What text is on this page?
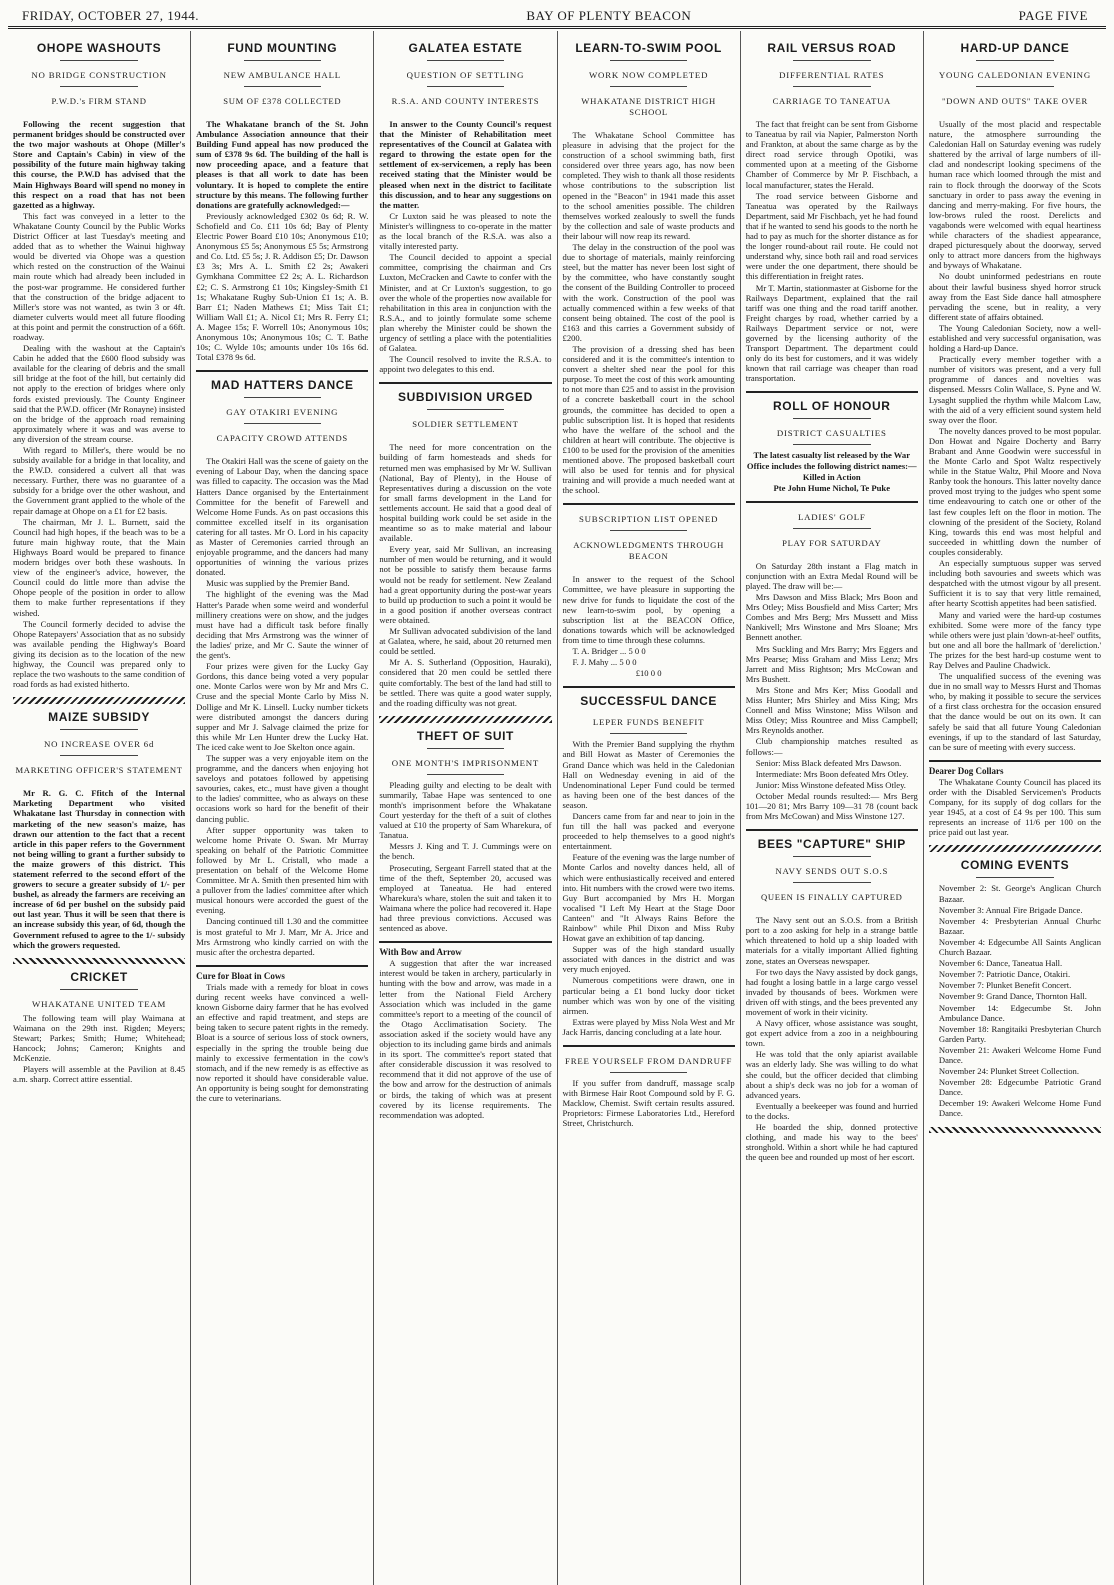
FRIDAY, OCTOBER 27, 1944.	BAY OF PLENTY BEACON	PAGE FIVE
OHOPE WASHOUTS
NO BRIDGE CONSTRUCTION
P.W.D.'s FIRM STAND

Following the recent suggestion that permanent bridges should be constructed over the two major washouts at Ohope (Miller's Store and Captain's Cabin) in view of the possibility of the future main highway taking this course, the P.W.D has advised that the Main Highways Board will spend no money in this respect on a road that has not been gazetted as a highway.

This fact was conveyed in a letter to the Whakatane County Council by the Public Works District Officer at last Tuesday's meeting and added that as to whether the Wainui highway would be diverted via Ohope was a question which rested on the construction of the Wainui main route which had already been included in the post-war programme. He considered further that the construction of the bridge adjacent to Miller's store was not wanted, as twin 3 or 4ft. diameter culverts would meet all future flooding at this point and permit the construction of a 66ft. roadway.

Dealing with the washout at the Captain's Cabin he added that the £600 flood subsidy was available for the clearing of debris and the small sill bridge at the foot of the hill, but certainly did not apply to the erection of bridges where only fords existed previously. The County Engineer said that the P.W.D. officer (Mr Ronayne) insisted on the bridge of the approach road remaining approximately where it was and was averse to any diversion of the stream course.

With regard to Miller's, there would be no subsidy available for a bridge in that locality, and the P.W.D. considered a culvert all that was necessary. Further, there was no guarantee of a subsidy for a bridge over the other washout, and the Government grant applied to the whole of the repair damage at Ohope on a £1 for £2 basis.

The chairman, Mr J. L. Burnett, said the Council had high hopes, if the beach was to be a future main highway route, that the Main Highways Board would be prepared to finance modern bridges over both these washouts. In view of the engineer's advice, however, the Council could do little more than advise the Ohope people of the position in order to allow them to make further representations if they wished.

The Council formerly decided to advise the Ohope Ratepayers' Association that as no subsidy was available pending the Highway's Board giving its decision as to the location of the new highway, the Council was prepared only to replace the two washouts to the same condition of road fords as had existed hitherto.

MAIZE SUBSIDY
NO INCREASE OVER 6d
MARKETING OFFICER'S STATEMENT

Mr R. G. C. Ffitch of the Internal Marketing Department who visited Whakatane last Thursday in connection with marketing of the new season's maize, has drawn our attention to the fact that a recent article in this paper refers to the Government not being willing to grant a further subsidy to the maize growers of this district. This statement referred to the second effort of the growers to secure a greater subsidy of 1/- per bushel, as already the farmers are receiving an increase of 6d per bushel on the subsidy paid out last year. Thus it will be seen that there is an increase subsidy this year, of 6d, though the Government refused to agree to the 1/- subsidy which the growers requested.

CRICKET
WHAKATANE UNITED TEAM

The following team will play Waimana at Waimana on the 29th inst. Rigden; Meyers; Stewart; Parkes; Smith; Hume; Whitehead; Hancock; Johns; Cameron; Knights and McKenzie.

Players will assemble at the Pavilion at 8.45 a.m. sharp. Correct attire essential.

FUND MOUNTING
NEW AMBULANCE HALL
SUM OF £378 COLLECTED

The Whakatane branch of the St. John Ambulance Association announce that their Building Fund appeal has now produced the sum of £378 9s 6d. The building of the hall is now proceeding apace, and a feature that pleases is that all work to date has been voluntary. It is hoped to complete the entire structure by this means. The following further donations are gratefully acknowledged:—

Previously acknowledged £302 0s 6d; R. W. Schofield and Co. £11 10s 6d; Bay of Plenty Electric Power Board £10 10s; Anonymous £10; Anonymous £5 5s; Anonymous £5 5s; Armstrong and Co. Ltd. £5 5s; J. R. Addison £5; Dr. Dawson £3 3s; Mrs A. L. Smith £2 2s; Awakeri Gymkhana Committee £2 2s; A. L. Richardson £2; C. S. Armstrong £1 10s; Kingsley-Smith £1 1s; Whakatane Rugby Sub-Union £1 1s; A. B. Barr £1; Naden Mathews £1; Miss Tait £1; William Wall £1; A. Nicol £1; Mrs R. Ferry £1; A. Magee 15s; F. Worrell 10s; Anonymous 10s; Anonymous 10s; Anonymous 10s; C. T. Bathe 10s; C. Wylde 10s; amounts under 10s 16s 6d. Total £378 9s 6d.

MAD HATTERS DANCE
GAY OTAKIRI EVENING
CAPACITY CROWD ATTENDS

The Otakiri Hall was the scene of gaiety on the evening of Labour Day, when the dancing space was filled to capacity. The occasion was the Mad Hatters Dance organised by the Entertainment Committee for the benefit of Farewell and Welcome Home Funds. As on past occasions this committee excelled itself in its organisation catering for all tastes. Mr O. Lord in his capacity as Master of Ceremonies carried through an enjoyable programme, and the dancers had many opportunities of winning the various prizes donated.

Music was supplied by the Premier Band.

The highlight of the evening was the Mad Hatter's Parade when some weird and wonderful millinery creations were on show, and the judges must have had a difficult task before finally deciding that Mrs Armstrong was the winner of the ladies' prize, and Mr C. Saute the winner of the gent's.

Four prizes were given for the Lucky Gay Gordons, this dance being voted a very popular one. Monte Carlos were won by Mr and Mrs C. Cruse and the special Monte Carlo by Miss N. Dollige and Mr K. Linsell. Lucky number tickets were distributed amongst the dancers during supper and Mr J. Salvage claimed the prize for this while Mr Len Hunter drew the Lucky Hat. The iced cake went to Joe Skelton once again.

The supper was a very enjoyable item on the programme, and the dancers when enjoying hot saveloys and potatoes followed by appetising savouries, cakes, etc., must have given a thought to the ladies' committee, who as always on these occasions work so hard for the benefit of their dancing public.

After supper opportunity was taken to welcome home Private O. Swan. Mr Murray speaking on behalf of the Patriotic Committee followed by Mr L. Cristall, who made a presentation on behalf of the Welcome Home Committee. Mr A. Smith then presented him with a pullover from the ladies' committee after which musical honours were accorded the guest of the evening.

Dancing continued till 1.30 and the committee is most grateful to Mr J. Marr, Mr A. Jrice and Mrs Armstrong who kindly carried on with the music after the orchestra departed.

Cure for Bloat in Cows

Trials made with a remedy for bloat in cows during recent weeks have convinced a well-known Gisborne dairy farmer that he has evolved an effective and rapid treatment, and steps are being taken to secure patent rights in the remedy. Bloat is a source of serious loss of stock owners, especially in the spring the trouble being due mainly to excessive fermentation in the cow's stomach, and if the new remedy is as effective as now reported it should have considerable value. An opportunity is being sought for demonstrating the cure to veterinarians.

GALATEA ESTATE
QUESTION OF SETTLING
R.S.A. AND COUNTY INTERESTS

In answer to the County Council's request that the Minister of Rehabilitation meet representatives of the Council at Galatea with regard to throwing the estate open for the settlement of ex-servicemen, a reply has been received stating that the Minister would be pleased when next in the district to facilitate this discussion, and to hear any suggestions on the matter.

Cr Luxton said he was pleased to note the Minister's willingness to co-operate in the matter as the local branch of the R.S.A. was also a vitally interested party.

The Council decided to appoint a special committee, comprising the chairman and Crs Luxton, McCracken and Cawte to confer with the Minister, and at Cr Luxton's suggestion, to go over the whole of the properties now available for rehabilitation in this area in conjunction with the R.S.A., and to jointly formulate some scheme plan whereby the Minister could be shown the urgency of settling a place with the potentialities of Galatea.

The Council resolved to invite the R.S.A. to appoint two delegates to this end.

SUBDIVISION URGED
SOLDIER SETTLEMENT

The need for more concentration on the building of farm homesteads and sheds for returned men was emphasised by Mr W. Sullivan (National, Bay of Plenty), in the House of Representatives during a discussion on the vote for small farms development in the Land for settlements account. He said that a good deal of hospital building work could be set aside in the meantime so as to make material and labour available.

Every year, said Mr Sullivan, an increasing number of men would be returning, and it would not be possible to satisfy them because farms would not be ready for settlement. New Zealand had a great opportunity during the post-war years to build up production to such a point it would be in a good position if another overseas contract were obtained.

Mr Sullivan advocated subdivision of the land at Galatea, where, he said, about 20 returned men could be settled.

Mr A. S. Sutherland (Opposition, Hauraki), considered that 20 men could be settled there quite comfortably. The best of the land had still to be settled. There was quite a good water supply, and the roading difficulty was not great.

THEFT OF SUIT
ONE MONTH'S IMPRISONMENT

Pleading guilty and electing to be dealt with summarily, Tabae Hape was sentenced to one month's imprisonment before the Whakatane Court yesterday for the theft of a suit of clothes valued at £10 the property of Sam Wharekura, of Tanatua.

Messrs J. King and T. J. Cummings were on the bench.

Prosecuting, Sergeant Farrell stated that at the time of the theft, September 20, accused was employed at Taneatua. He had entered Wharekura's whare, stolen the suit and taken it to Waimana where the police had recovered it. Hape had three previous convictions. Accused was sentenced as above.

With Bow and Arrow

A suggestion that after the war increased interest would be taken in archery, particularly in hunting with the bow and arrow, was made in a letter from the National Field Archery Association which was included in the game committee's report to a meeting of the council of the Otago Acclimatisation Society. The association asked if the society would have any objection to its including game birds and animals in its sport. The committee's report stated that after considerable discussion it was resolved to recommend that it did not approve of the use of the bow and arrow for the destruction of animals or birds, the taking of which was at present covered by its license requirements. The recommendation was adopted.

LEARN-TO-SWIM POOL
WORK NOW COMPLETED
WHAKATANE DISTRICT HIGH SCHOOL

The Whakatane School Committee has pleasure in advising that the project for the construction of a school swimming bath, first considered over three years ago, has now been completed. They wish to thank all those residents whose contributions to the subscription list opened in the "Beacon" in 1941 made this asset to the school amenities possible. The children themselves worked zealously to swell the funds by the collection and sale of waste products and their labour will now reap its reward.

The delay in the construction of the pool was due to shortage of materials, mainly reinforcing steel, but the matter has never been lost sight of by the committee, who have constantly sought the consent of the Building Controller to proceed with the work. Construction of the pool was actually commenced within a few weeks of that consent being obtained. The cost of the pool is £163 and this carries a Government subsidy of £200.

The provision of a dressing shed has been considered and it is the committee's intention to convert a shelter shed near the pool for this purpose. To meet the cost of this work amounting to not more than £25 and to assist in the provision of a concrete basketball court in the school grounds, the committee has decided to open a public subscription list. It is hoped that residents who have the welfare of the school and the children at heart will contribute. The objective is £100 to be used for the provision of the amenities mentioned above. The proposed basketball court will also be used for tennis and for physical training and will provide a much needed want at the school.

SUBSCRIPTION LIST OPENED
ACKNOWLEDGMENTS THROUGH BEACON

In answer to the request of the School Committee, we have pleasure in supporting the new drive for funds to liquidate the cost of the new learn-to-swim pool, by opening a subscription list at the BEACON Office, donations towards which will be acknowledged from time to time through these columns.

T. A. Bridger ... 5 0 0

F. J. Mahy ... 5 0 0

£10 0 0

SUCCESSFUL DANCE
LEPER FUNDS BENEFIT

With the Premier Band supplying the rhythm and Bill Howat as Master of Ceremonies the Grand Dance which was held in the Caledonian Hall on Wednesday evening in aid of the Undenominational Leper Fund could be termed as having been one of the best dances of the season.

Dancers came from far and near to join in the fun till the hall was packed and everyone proceeded to help themselves to a good night's entertainment.

Feature of the evening was the large number of Monte Carlos and novelty dances held, all of which were enthusiastically received and entered into. Hit numbers with the crowd were two items. Guy Burt accompanied by Mrs H. Morgan vocalised "I Left My Heart at the Stage Door Canteen" and "It Always Rains Before the Rainbow" while Phil Dixon and Miss Ruby Howat gave an exhibition of tap dancing.

Supper was of the high standard usually associated with dances in the district and was very much enjoyed.

Numerous competitions were drawn, one in particular being a £1 bond lucky door ticket number which was won by one of the visiting airmen.

Extras were played by Miss Nola West and Mr Jack Harris, dancing concluding at a late hour.

FREE YOURSELF FROM DANDRUFF

If you suffer from dandruff, massage scalp with Birmese Hair Root Compound sold by F. G. Macklow, Chemist. Swift certain results assured. Proprietors: Firmese Laboratories Ltd., Hereford Street, Christchurch.

RAIL VERSUS ROAD
DIFFERENTIAL RATES
CARRIAGE TO TANEATUA

The fact that freight can be sent from Gisborne to Taneatua by rail via Napier, Palmerston North and Frankton, at about the same charge as by the direct road service through Opotiki, was commented upon at a meeting of the Gisborne Chamber of Commerce by Mr P. Fischbach, a local manufacturer, states the Herald.

The road service between Gisborne and Taneatua was operated by the Railways Department, said Mr Fischbach, yet he had found that if he wanted to send his goods to the north he had to pay as much for the shorter distance as for the longer round-about rail route. He could not understand why, since both rail and road services were under the one department, there should be this differentiation in freight rates.

Mr T. Martin, stationmaster at Gisborne for the Railways Department, explained that the rail tariff was one thing and the road tariff another. Freight charges by road, whether carried by a Railways Department service or not, were governed by the licensing authority of the Transport Department. The department could only do its best for customers, and it was widely known that rail carriage was cheaper than road transportation.

ROLL OF HONOUR
DISTRICT CASUALTIES

The latest casualty list released by the War Office includes the following district names:—

Killed in Action

Pte John Hume Nichol, Te Puke

LADIES' GOLF
PLAY FOR SATURDAY

On Saturday 28th instant a Flag match in conjunction with an Extra Medal Round will be played. The draw will be:—

Mrs Dawson and Miss Black; Mrs Boon and Mrs Otley; Miss Bousfield and Miss Carter; Mrs Combes and Mrs Berg; Mrs Mussett and Miss Nankivell; Mrs Winstone and Mrs Sloane; Mrs Bennett another.

Mrs Suckling and Mrs Barry; Mrs Eggers and Mrs Pearse; Miss Graham and Miss Lenz; Mrs Jarrett and Miss Rightson; Mrs McCowan and Mrs Bushett.

Mrs Stone and Mrs Ker; Miss Goodall and Miss Hunter; Mrs Shirley and Miss King; Mrs Connell and Miss Winstone; Miss Wilson and Miss Otley; Miss Rountree and Miss Campbell; Mrs Reynolds another.

Club championship matches resulted as follows:—

Senior: Miss Black defeated Mrs Dawson.

Intermediate: Mrs Boon defeated Mrs Otley.

Junior: Miss Winstone defeated Miss Otley.

October Medal rounds resulted:— Mrs Berg 101—20 81; Mrs Barry 109—31 78 (count back from Mrs McCowan) and Miss Winstone 127.

BEES "CAPTURE" SHIP
NAVY SENDS OUT S.O.S
QUEEN IS FINALLY CAPTURED

The Navy sent out an S.O.S. from a British port to a zoo asking for help in a strange battle which threatened to hold up a ship loaded with materials for a vitally important Allied fighting zone, states an Overseas newspaper.

For two days the Navy assisted by dock gangs, had fought a losing battle in a large cargo vessel invaded by thousands of bees. Workmen were driven off with stings, and the bees prevented any movement of work in their vicinity.

A Navy officer, whose assistance was sought, got expert advice from a zoo in a neighbouring town.

He was told that the only apiarist available was an elderly lady. She was willing to do what she could, but the officer decided that climbing about a ship's deck was no job for a woman of advanced years.

Eventually a beekeeper was found and hurried to the docks.

He boarded the ship, donned protective clothing, and made his way to the bees' stronghold. Within a short while he had captured the queen bee and rounded up most of her escort.

HARD-UP DANCE
YOUNG CALEDONIAN EVENING
"DOWN AND OUTS" TAKE OVER

Usually of the most placid and respectable nature, the atmosphere surrounding the Caledonian Hall on Saturday evening was rudely shattered by the arrival of large numbers of ill-clad and nondescript looking specimens of the human race which loomed through the mist and rain to flock through the doorway of the Scots sanctuary in order to pass away the evening in dancing and merry-making. For five hours, the low-brows ruled the roost. Derelicts and vagabonds were welcomed with equal heartiness while characters of the shadiest appearance, draped picturesquely about the doorway, served only to attract more dancers from the highways and byways of Whakatane.

No doubt uninformed pedestrians en route about their lawful business shyed horror struck away from the East Side dance hall atmosphere pervading the scene, but in reality, a very different state of affairs obtained.

The Young Caledonian Society, now a well-established and very successful organisation, was holding a Hard-up Dance.

Practically every member together with a number of visitors was present, and a very full programme of dances and novelties was dispensed. Messrs Colin Wallace, S. Pyne and W. Lysaght supplied the rhythm while Malcom Law, with the aid of a very efficient sound system held sway over the floor.

The novelty dances proved to be most popular. Don Howat and Ngaire Docherty and Barry Brabant and Anne Goodwin were successful in the Monte Carlo and Spot Waltz respectively while in the Statue Waltz, Phil Moore and Nova Ranby took the honours. This latter novelty dance proved most trying to the judges who spent some time endeavouring to catch one or other of the last few couples left on the floor in motion. The clowning of the president of the Society, Roland King, towards this end was most helpful and succeeded in whittling down the number of couples considerably.

An especially sumptuous supper was served including both savouries and sweets which was despatched with the utmost vigour by all present. Sufficient it is to say that very little remained, after hearty Scottish appetites had been satisfied.

Many and varied were the hard-up costumes exhibited. Some were more of the fancy type while others were just plain 'down-at-heel' outfits, but one and all bore the hallmark of 'dereliction.' The prizes for the best hard-up costume went to Ray Delves and Pauline Chadwick.

The unqualified success of the evening was due in no small way to Messrs Hurst and Thomas who, by making it possible to secure the services of a first class orchestra for the occasion ensured that the dance would be out on its own. It can safely be said that all future Young Caledonian evenings, if up to the standard of last Saturday, can be sure of meeting with every success.

Dearer Dog Collars

The Whakatane County Council has placed its order with the Disabled Servicemen's Products Company, for its supply of dog collars for the year 1945, at a cost of £4 9s per 100. This sum represents an increase of 11/6 per 100 on the price paid out last year.

COMING EVENTS

November 2: St. George's Anglican Church Bazaar.

November 3: Annual Fire Brigade Dance.

November 4: Presbyterian Annual Churhc Bazaar.

November 4: Edgecumbe All Saints Anglican Church Bazaar.

November 6: Dance, Taneatua Hall.

November 7: Patriotic Dance, Otakiri.

November 7: Plunket Benefit Concert.

November 9: Grand Dance, Thornton Hall.

November 14: Edgecumbe St. John Ambulance Dance.

November 18: Rangitaiki Presbyterian Church Garden Party.

November 21: Awakeri Welcome Home Fund Dance.

November 24: Plunket Street Collection.

November 28: Edgecumbe Patriotic Grand Dance.

December 19: Awakeri Welcome Home Fund Dance.
